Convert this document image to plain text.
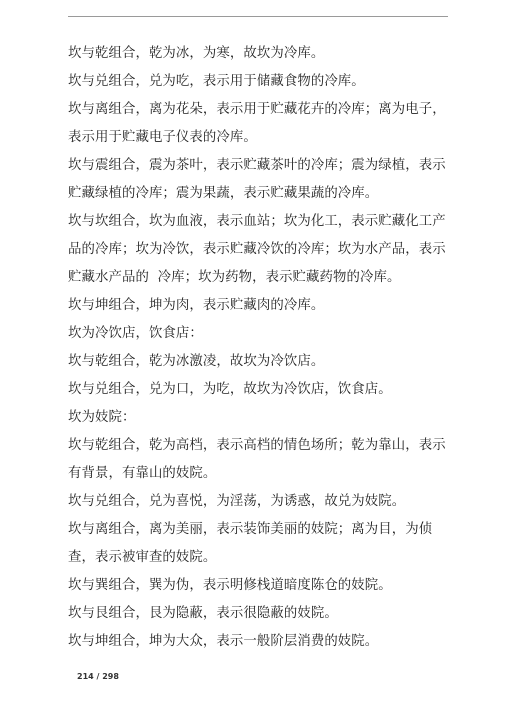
坎与乾组合，乾为冰，为寒，故坎为冷库。

坎与兑组合，兑为吃，表示用于储藏食物的冷库。

坎与离组合，离为花朵，表示用于贮藏花卉的冷库；离为电子，表示用于贮藏电子仪表的冷库。

坎与震组合，震为茶叶，表示贮藏茶叶的冷库；震为绿植，表示贮藏绿植的冷库；震为果蔬，表示贮藏果蔬的冷库。

坎与坎组合，坎为血液，表示血站；坎为化工，表示贮藏化工产品的冷库；坎为冷饮，表示贮藏冷饮的冷库；坎为水产品，表示贮藏水产品的  冷库；坎为药物，表示贮藏药物的冷库。

坎与坤组合，坤为肉，表示贮藏肉的冷库。

坎为冷饮店，饮食店：

坎与乾组合，乾为冰激凌，故坎为冷饮店。

坎与兑组合，兑为口，为吃，故坎为冷饮店，饮食店。

坎为妓院：

坎与乾组合，乾为高档，表示高档的情色场所；乾为靠山，表示有背景，有靠山的妓院。

坎与兑组合，兑为喜悦，为淫荡，为诱惑，故兑为妓院。

坎与离组合，离为美丽，表示装饰美丽的妓院；离为目，为侦查，表示被审查的妓院。

坎与巽组合，巽为伪，表示明修栈道暗度陈仓的妓院。

坎与艮组合，艮为隐蔽，表示很隐蔽的妓院。

坎与坤组合，坤为大众，表示一般阶层消费的妓院。

214 / 298
